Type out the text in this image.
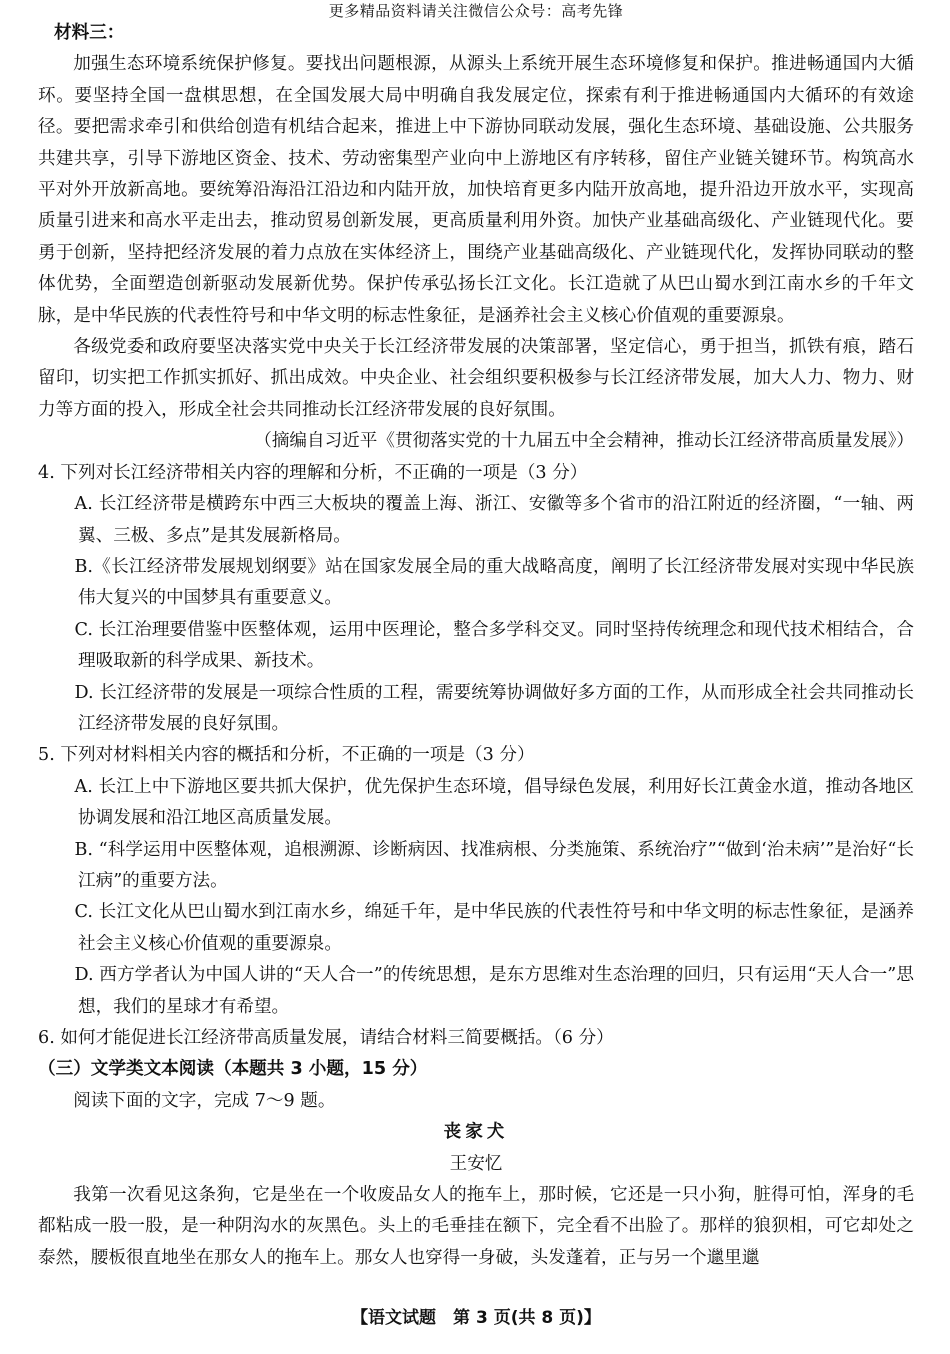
更多精品资料请关注微信公众号：高考先锋

材料三：

加强生态环境系统保护修复。要找出问题根源，从源头上系统开展生态环境修复和保护。推进畅通国内大循环。要坚持全国一盘棋思想，在全国发展大局中明确自我发展定位，探索有利于推进畅通国内大循环的有效途径。要把需求牵引和供给创造有机结合起来，推进上中下游协同联动发展，强化生态环境、基础设施、公共服务共建共享，引导下游地区资金、技术、劳动密集型产业向中上游地区有序转移，留住产业链关键环节。构筑高水平对外开放新高地。要统筹沿海沿江沿边和内陆开放，加快培育更多内陆开放高地，提升沿边开放水平，实现高质量引进来和高水平走出去，推动贸易创新发展，更高质量利用外资。加快产业基础高级化、产业链现代化。要勇于创新，坚持把经济发展的着力点放在实体经济上，围绕产业基础高级化、产业链现代化，发挥协同联动的整体优势，全面塑造创新驱动发展新优势。保护传承弘扬长江文化。长江造就了从巴山蜀水到江南水乡的千年文脉，是中华民族的代表性符号和中华文明的标志性象征，是涵养社会主义核心价值观的重要源泉。

各级党委和政府要坚决落实党中央关于长江经济带发展的决策部署，坚定信心，勇于担当，抓铁有痕，踏石留印，切实把工作抓实抓好、抓出成效。中央企业、社会组织要积极参与长江经济带发展，加大人力、物力、财力等方面的投入，形成全社会共同推动长江经济带发展的良好氛围。

（摘编自习近平《贯彻落实党的十九届五中全会精神，推动长江经济带高质量发展》）

4. 下列对长江经济带相关内容的理解和分析，不正确的一项是（3 分）

A. 长江经济带是横跨东中西三大板块的覆盖上海、浙江、安徽等多个省市的沿江附近的经济圈，“一轴、两翼、三极、多点”是其发展新格局。

B.《长江经济带发展规划纲要》站在国家发展全局的重大战略高度，阐明了长江经济带发展对实现中华民族伟大复兴的中国梦具有重要意义。

C. 长江治理要借鉴中医整体观，运用中医理论，整合多学科交叉。同时坚持传统理念和现代技术相结合，合理吸取新的科学成果、新技术。

D. 长江经济带的发展是一项综合性质的工程，需要统筹协调做好多方面的工作，从而形成全社会共同推动长江经济带发展的良好氛围。

5. 下列对材料相关内容的概括和分析，不正确的一项是（3 分）

A. 长江上中下游地区要共抓大保护，优先保护生态环境，倡导绿色发展，利用好长江黄金水道，推动各地区协调发展和沿江地区高质量发展。

B. “科学运用中医整体观，追根溯源、诊断病因、找准病根、分类施策、系统治疗”“做到‘治未病’”是治好“长江病”的重要方法。

C. 长江文化从巴山蜀水到江南水乡，绵延千年，是中华民族的代表性符号和中华文明的标志性象征，是涵养社会主义核心价值观的重要源泉。

D. 西方学者认为中国人讲的“天人合一”的传统思想，是东方思维对生态治理的回归，只有运用“天人合一”思想，我们的星球才有希望。

6. 如何才能促进长江经济带高质量发展，请结合材料三简要概括。（6 分）

（三）文学类文本阅读（本题共 3 小题，15 分）

阅读下面的文字，完成 7～9 题。

丧家犬

王安忆

我第一次看见这条狗，它是坐在一个收废品女人的拖车上，那时候，它还是一只小狗，脏得可怕，浑身的毛都粘成一股一股，是一种阴沟水的灰黑色。头上的毛垂挂在额下，完全看不出脸了。那样的狼狈相，可它却处之泰然，腰板很直地坐在那女人的拖车上。那女人也穿得一身破，头发蓬着，正与另一个邋里邋

【语文试题　第 3 页(共 8 页)】
